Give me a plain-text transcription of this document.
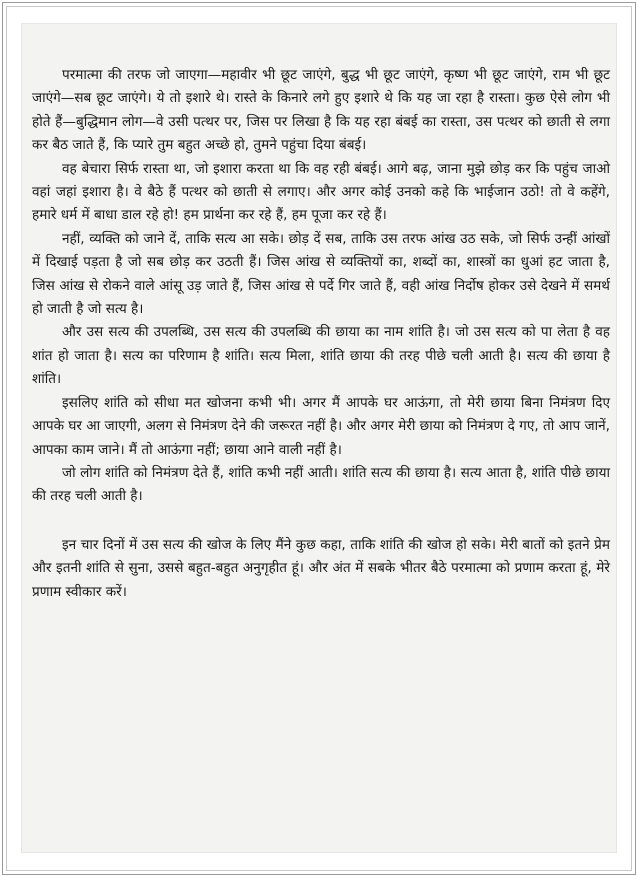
परमात्मा की तरफ जो जाएगा—महावीर भी छूट जाएंगे, बुद्ध भी छूट जाएंगे, कृष्ण भी छूट जाएंगे, राम भी छूट जाएंगे—सब छूट जाएंगे। ये तो इशारे थे। रास्ते के किनारे लगे हुए इशारे थे कि यह जा रहा है रास्ता। कुछ ऐसे लोग भी होते हैं—बुद्धिमान लोग—वे उसी पत्थर पर, जिस पर लिखा है कि यह रहा बंबई का रास्ता, उस पत्थर को छाती से लगा कर बैठ जाते हैं, कि प्यारे तुम बहुत अच्छे हो, तुमने पहुंचा दिया बंबई।

वह बेचारा सिर्फ रास्ता था, जो इशारा करता था कि वह रही बंबई। आगे बढ़, जाना मुझे छोड़ कर कि पहुंच जाओ वहां जहां इशारा है। वे बैठे हैं पत्थर को छाती से लगाए। और अगर कोई उनको कहे कि भाईजान उठो! तो वे कहेंगे, हमारे धर्म में बाधा डाल रहे हो! हम प्रार्थना कर रहे हैं, हम पूजा कर रहे हैं।

नहीं, व्यक्ति को जाने दें, ताकि सत्य आ सके। छोड़ दें सब, ताकि उस तरफ आंख उठ सके, जो सिर्फ उन्हीं आंखों में दिखाई पड़ता है जो सब छोड़ कर उठती हैं। जिस आंख से व्यक्तियों का, शब्दों का, शास्त्रों का धुआं हट जाता है, जिस आंख से रोकने वाले आंसू उड़ जाते हैं, जिस आंख से पर्दे गिर जाते हैं, वही आंख निर्दोष होकर उसे देखने में समर्थ हो जाती है जो सत्य है।

और उस सत्य की उपलब्धि, उस सत्य की उपलब्धि की छाया का नाम शांति है। जो उस सत्य को पा लेता है वह शांत हो जाता है। सत्य का परिणाम है शांति। सत्य मिला, शांति छाया की तरह पीछे चली आती है। सत्य की छाया है शांति।

इसलिए शांति को सीधा मत खोजना कभी भी। अगर मैं आपके घर आऊंगा, तो मेरी छाया बिना निमंत्रण दिए आपके घर आ जाएगी, अलग से निमंत्रण देने की जरूरत नहीं है। और अगर मेरी छाया को निमंत्रण दे गए, तो आप जानें, आपका काम जाने। मैं तो आऊंगा नहीं; छाया आने वाली नहीं है।

जो लोग शांति को निमंत्रण देते हैं, शांति कभी नहीं आती। शांति सत्य की छाया है। सत्य आता है, शांति पीछे छाया की तरह चली आती है।

इन चार दिनों में उस सत्य की खोज के लिए मैंने कुछ कहा, ताकि शांति की खोज हो सके। मेरी बातों को इतने प्रेम और इतनी शांति से सुना, उससे बहुत-बहुत अनुगृहीत हूं। और अंत में सबके भीतर बैठे परमात्मा को प्रणाम करता हूं, मेरे प्रणाम स्वीकार करें।
